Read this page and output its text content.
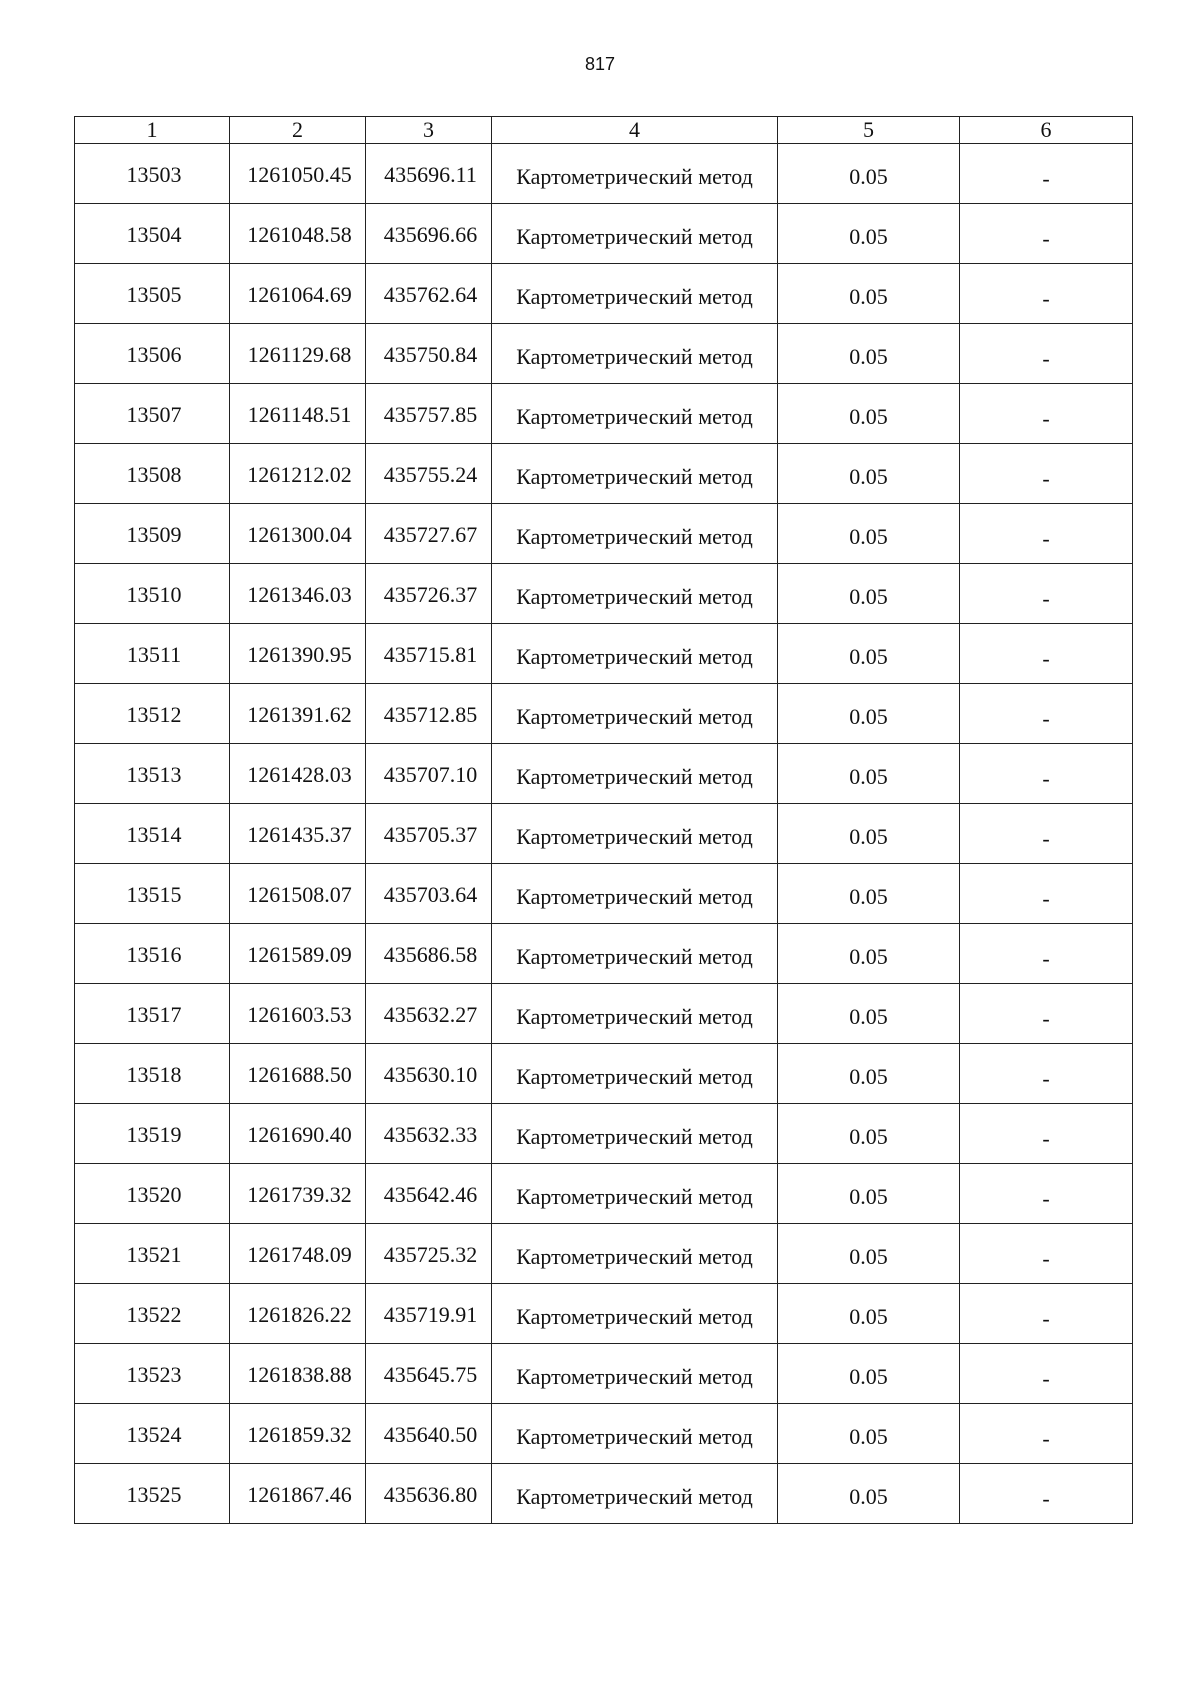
817
1	2	3	4	5	6
13503	1261050.45	435696.11	Картометрический метод	0.05	-
13504	1261048.58	435696.66	Картометрический метод	0.05	-
13505	1261064.69	435762.64	Картометрический метод	0.05	-
13506	1261129.68	435750.84	Картометрический метод	0.05	-
13507	1261148.51	435757.85	Картометрический метод	0.05	-
13508	1261212.02	435755.24	Картометрический метод	0.05	-
13509	1261300.04	435727.67	Картометрический метод	0.05	-
13510	1261346.03	435726.37	Картометрический метод	0.05	-
13511	1261390.95	435715.81	Картометрический метод	0.05	-
13512	1261391.62	435712.85	Картометрический метод	0.05	-
13513	1261428.03	435707.10	Картометрический метод	0.05	-
13514	1261435.37	435705.37	Картометрический метод	0.05	-
13515	1261508.07	435703.64	Картометрический метод	0.05	-
13516	1261589.09	435686.58	Картометрический метод	0.05	-
13517	1261603.53	435632.27	Картометрический метод	0.05	-
13518	1261688.50	435630.10	Картометрический метод	0.05	-
13519	1261690.40	435632.33	Картометрический метод	0.05	-
13520	1261739.32	435642.46	Картометрический метод	0.05	-
13521	1261748.09	435725.32	Картометрический метод	0.05	-
13522	1261826.22	435719.91	Картометрический метод	0.05	-
13523	1261838.88	435645.75	Картометрический метод	0.05	-
13524	1261859.32	435640.50	Картометрический метод	0.05	-
13525	1261867.46	435636.80	Картометрический метод	0.05	-
